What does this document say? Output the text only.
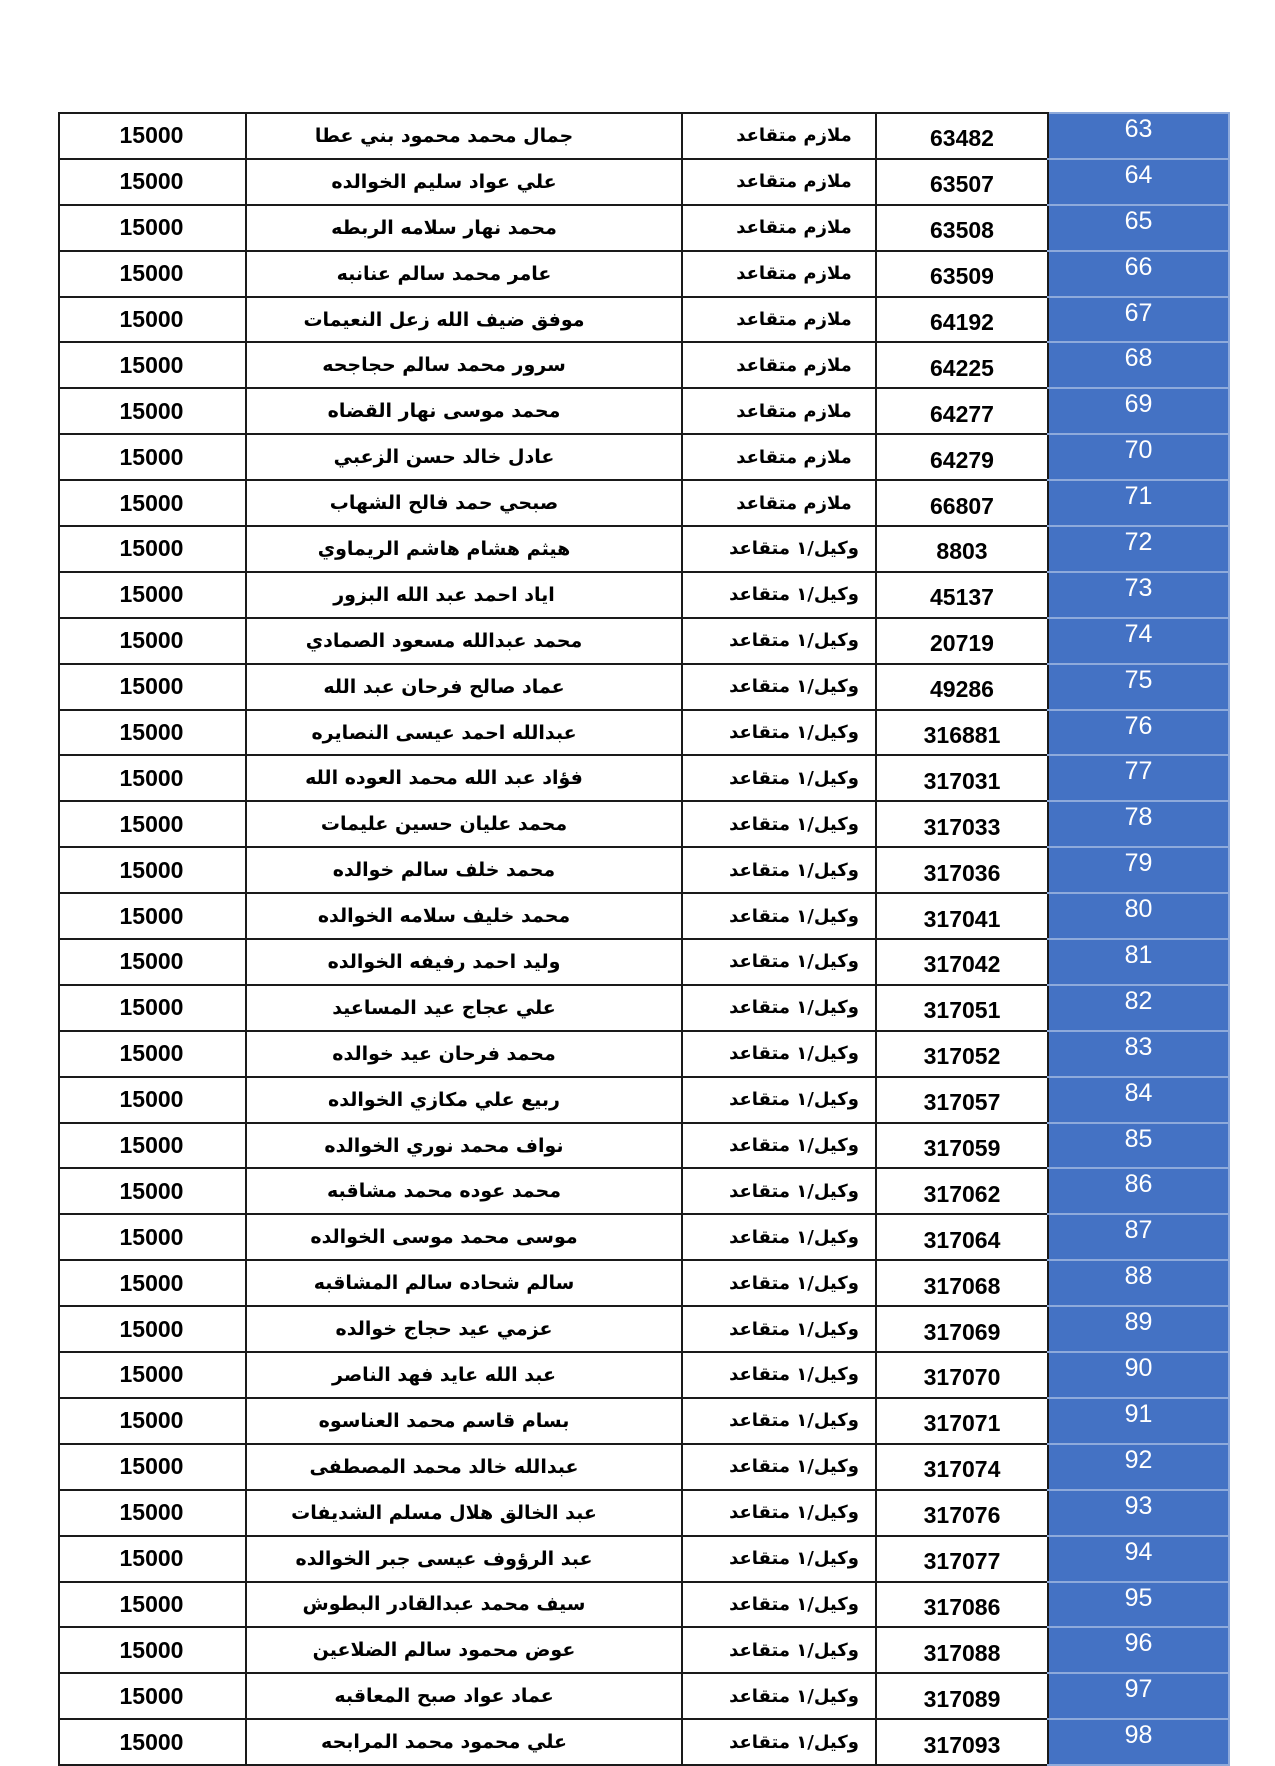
63	63482	ملازم متقاعد	جمال محمد محمود بني عطا	15000
64	63507	ملازم متقاعد	علي عواد سليم الخوالده	15000
65	63508	ملازم متقاعد	محمد نهار سلامه الربطه	15000
66	63509	ملازم متقاعد	عامر محمد سالم عنانبه	15000
67	64192	ملازم متقاعد	موفق ضيف الله زعل النعيمات	15000
68	64225	ملازم متقاعد	سرور محمد سالم حجاجحه	15000
69	64277	ملازم متقاعد	محمد موسى نهار القضاه	15000
70	64279	ملازم متقاعد	عادل خالد حسن الزعبي	15000
71	66807	ملازم متقاعد	صبحي حمد فالح الشهاب	15000
72	8803	وكيل/١ متقاعد	هيثم هشام هاشم الريماوي	15000
73	45137	وكيل/١ متقاعد	اياد احمد عبد الله البزور	15000
74	20719	وكيل/١ متقاعد	محمد عبدالله مسعود الصمادي	15000
75	49286	وكيل/١ متقاعد	عماد صالح فرحان عبد الله	15000
76	316881	وكيل/١ متقاعد	عبدالله احمد عيسى النصايره	15000
77	317031	وكيل/١ متقاعد	فؤاد عبد الله محمد العوده الله	15000
78	317033	وكيل/١ متقاعد	محمد عليان حسين عليمات	15000
79	317036	وكيل/١ متقاعد	محمد خلف سالم خوالده	15000
80	317041	وكيل/١ متقاعد	محمد خليف سلامه الخوالده	15000
81	317042	وكيل/١ متقاعد	وليد احمد رفيفه الخوالده	15000
82	317051	وكيل/١ متقاعد	علي عجاج عيد المساعيد	15000
83	317052	وكيل/١ متقاعد	محمد فرحان عيد خوالده	15000
84	317057	وكيل/١ متقاعد	ربيع علي مكازي الخوالده	15000
85	317059	وكيل/١ متقاعد	نواف محمد نوري الخوالده	15000
86	317062	وكيل/١ متقاعد	محمد عوده محمد مشاقبه	15000
87	317064	وكيل/١ متقاعد	موسى محمد موسى الخوالده	15000
88	317068	وكيل/١ متقاعد	سالم شحاده سالم المشاقبه	15000
89	317069	وكيل/١ متقاعد	عزمي عيد حجاج خوالده	15000
90	317070	وكيل/١ متقاعد	عبد الله عايد فهد الناصر	15000
91	317071	وكيل/١ متقاعد	بسام قاسم محمد العناسوه	15000
92	317074	وكيل/١ متقاعد	عبدالله خالد محمد المصطفى	15000
93	317076	وكيل/١ متقاعد	عبد الخالق هلال مسلم الشديفات	15000
94	317077	وكيل/١ متقاعد	عبد الرؤوف عيسى جبر الخوالده	15000
95	317086	وكيل/١ متقاعد	سيف محمد عبدالقادر البطوش	15000
96	317088	وكيل/١ متقاعد	عوض محمود سالم الضلاعين	15000
97	317089	وكيل/١ متقاعد	عماد عواد صبح المعاقبه	15000
98	317093	وكيل/١ متقاعد	علي محمود محمد المرابحه	15000
